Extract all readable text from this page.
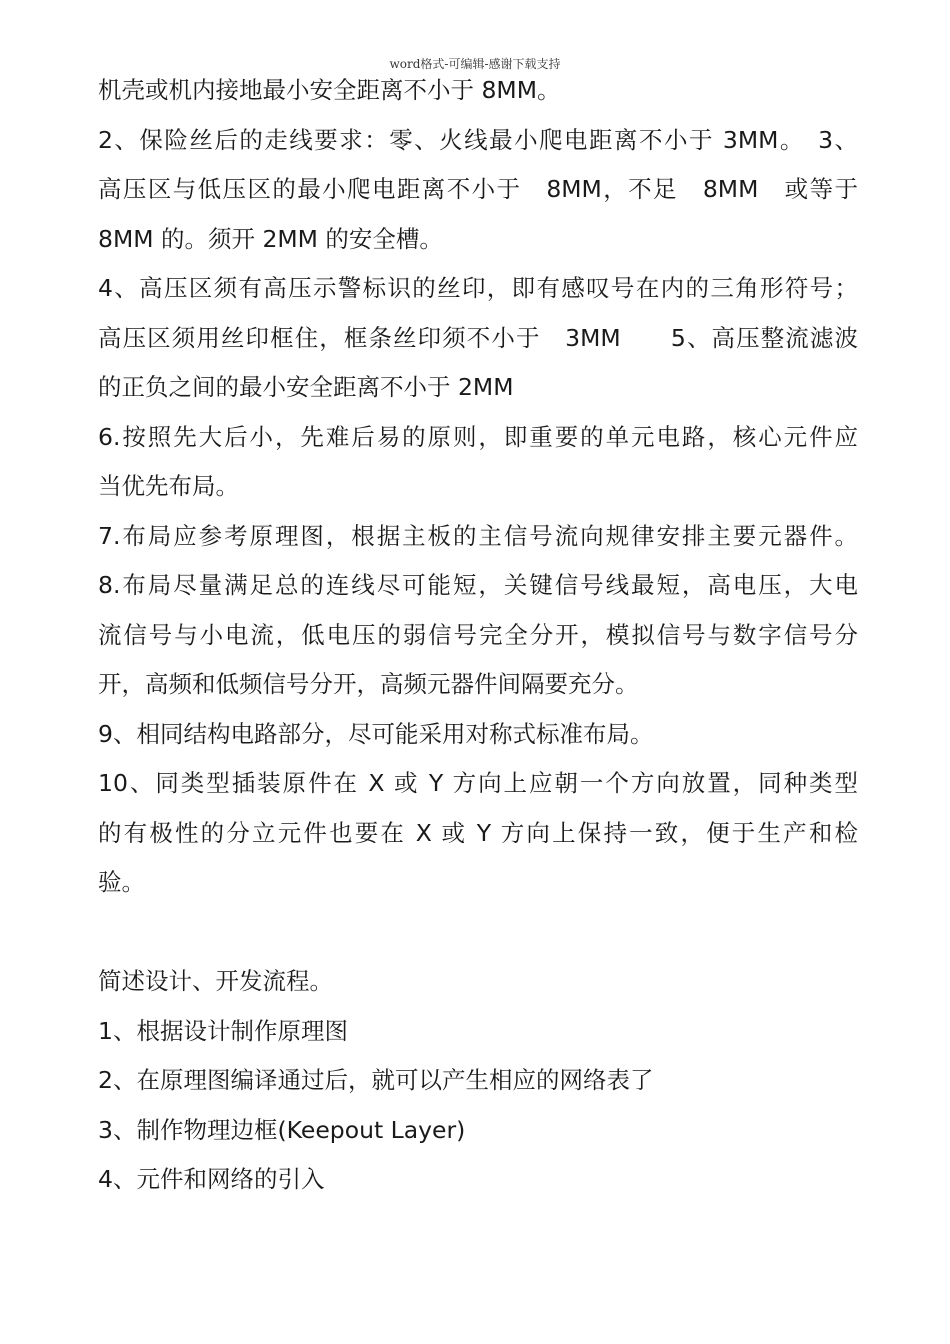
word格式-可编辑-感谢下载支持
机壳或机内接地最小安全距离不小于 8MM。
2、保险丝后的走线要求：零、火线最小爬电距离不小于 3MM。　3、
高压区与低压区的最小爬电距离不小于　8MM，不足　8MM　或等于
8MM 的。须开 2MM 的安全槽。
4、高压区须有高压示警标识的丝印，即有感叹号在内的三角形符号；
高压区须用丝印框住，框条丝印须不小于　3MM　　5、高压整流滤波
的正负之间的最小安全距离不小于 2MM
6.按照先大后小，先难后易的原则，即重要的单元电路，核心元件应
当优先布局。
7.布局应参考原理图，根据主板的主信号流向规律安排主要元器件。
8.布局尽量满足总的连线尽可能短，关键信号线最短，高电压，大电
流信号与小电流，低电压的弱信号完全分开，模拟信号与数字信号分
开，高频和低频信号分开，高频元器件间隔要充分。
9、相同结构电路部分，尽可能采用对称式标准布局。
10、同类型插装原件在 X 或 Y 方向上应朝一个方向放置，同种类型
的有极性的分立元件也要在 X 或 Y 方向上保持一致，便于生产和检
验。
简述设计、开发流程。
1、根据设计制作原理图
2、在原理图编译通过后，就可以产生相应的网络表了
3、制作物理边框(Keepout Layer)
4、元件和网络的引入
